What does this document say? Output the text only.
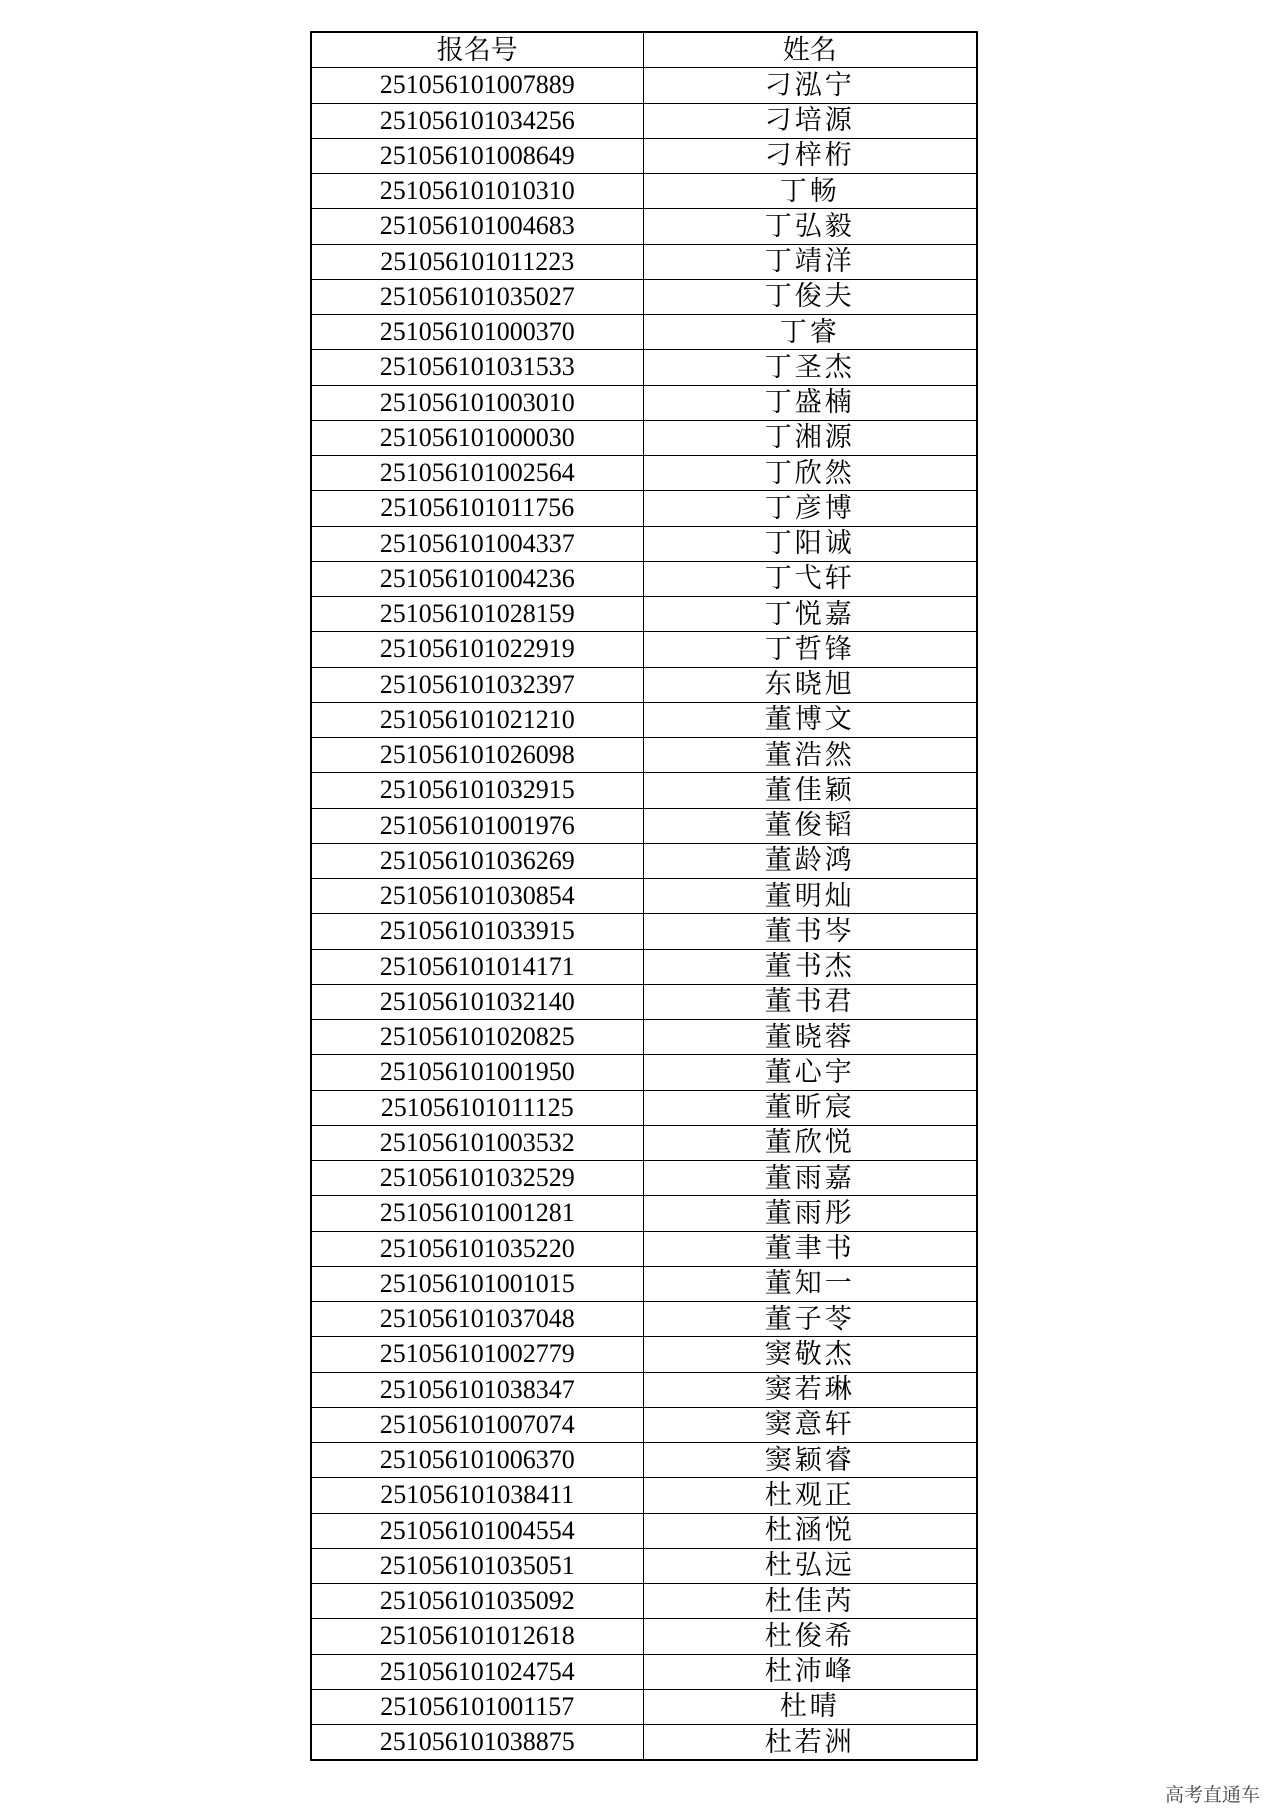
报名号	姓名
251056101007889	刁泓宁
251056101034256	刁培源
251056101008649	刁梓桁
251056101010310	丁畅
251056101004683	丁弘毅
251056101011223	丁靖洋
251056101035027	丁俊夫
251056101000370	丁睿
251056101031533	丁圣杰
251056101003010	丁盛楠
251056101000030	丁湘源
251056101002564	丁欣然
251056101011756	丁彦博
251056101004337	丁阳诚
251056101004236	丁弋轩
251056101028159	丁悦嘉
251056101022919	丁哲锋
251056101032397	东晓旭
251056101021210	董博文
251056101026098	董浩然
251056101032915	董佳颖
251056101001976	董俊韬
251056101036269	董龄鸿
251056101030854	董明灿
251056101033915	董书岑
251056101014171	董书杰
251056101032140	董书君
251056101020825	董晓蓉
251056101001950	董心宇
251056101011125	董昕宸
251056101003532	董欣悦
251056101032529	董雨嘉
251056101001281	董雨彤
251056101035220	董聿书
251056101001015	董知一
251056101037048	董子苓
251056101002779	窦敬杰
251056101038347	窦若琳
251056101007074	窦意轩
251056101006370	窦颖睿
251056101038411	杜观正
251056101004554	杜涵悦
251056101035051	杜弘远
251056101035092	杜佳芮
251056101012618	杜俊希
251056101024754	杜沛峰
251056101001157	杜晴
251056101038875	杜若洲
高考直通车
